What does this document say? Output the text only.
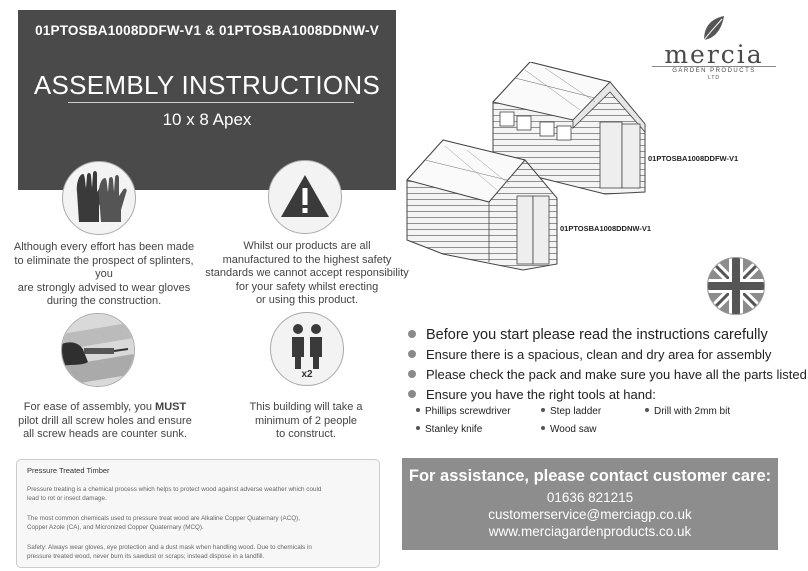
01PTOSBA1008DDFW-V1 & 01PTOSBA1008DDNW-V
ASSEMBLY INSTRUCTIONS
10 x 8 Apex
mercia
GARDEN PRODUCTS
LTD
01PTOSBA1008DDFW-V1
01PTOSBA1008DDNW-V1
Although every effort has been made
to eliminate the prospect of splinters, you
are strongly advised to wear gloves
during the construction.
Whilst our products are all
manufactured to the highest safety
standards we cannot accept responsibility
for your safety whilst erecting
or using this product.
For ease of assembly, you MUST
pilot drill all screw holes and ensure
all screw heads are counter sunk.
x2
This building will take a
minimum of 2 people
to construct.
Before you start please read the instructions carefully
Ensure there is a spacious, clean and dry area for assembly
Please check the pack and make sure you have all the parts listed
Ensure you have the right tools at hand:
Phillips screwdriver	Step ladder	Drill with 2mm bit
Stanley knife	Wood saw
Pressure Treated Timber
Pressure treating is a chemical process which helps to protect wood against adverse weather which could
lead to rot or insect damage.
The most common chemicals used to pressure treat wood are Alkaline Copper Quaternary (ACQ),
Copper Azole (CA), and Micronized Copper Quaternary (MCQ).
Safety: Always wear gloves, eye protection and a dust mask when handling wood. Due to chemicals in
pressure treated wood, never burn its sawdust or scraps; instead dispose in a landfill.
For assistance, please contact customer care:
01636 821215
customerservice@merciagp.co.uk
www.merciagardenproducts.co.uk
